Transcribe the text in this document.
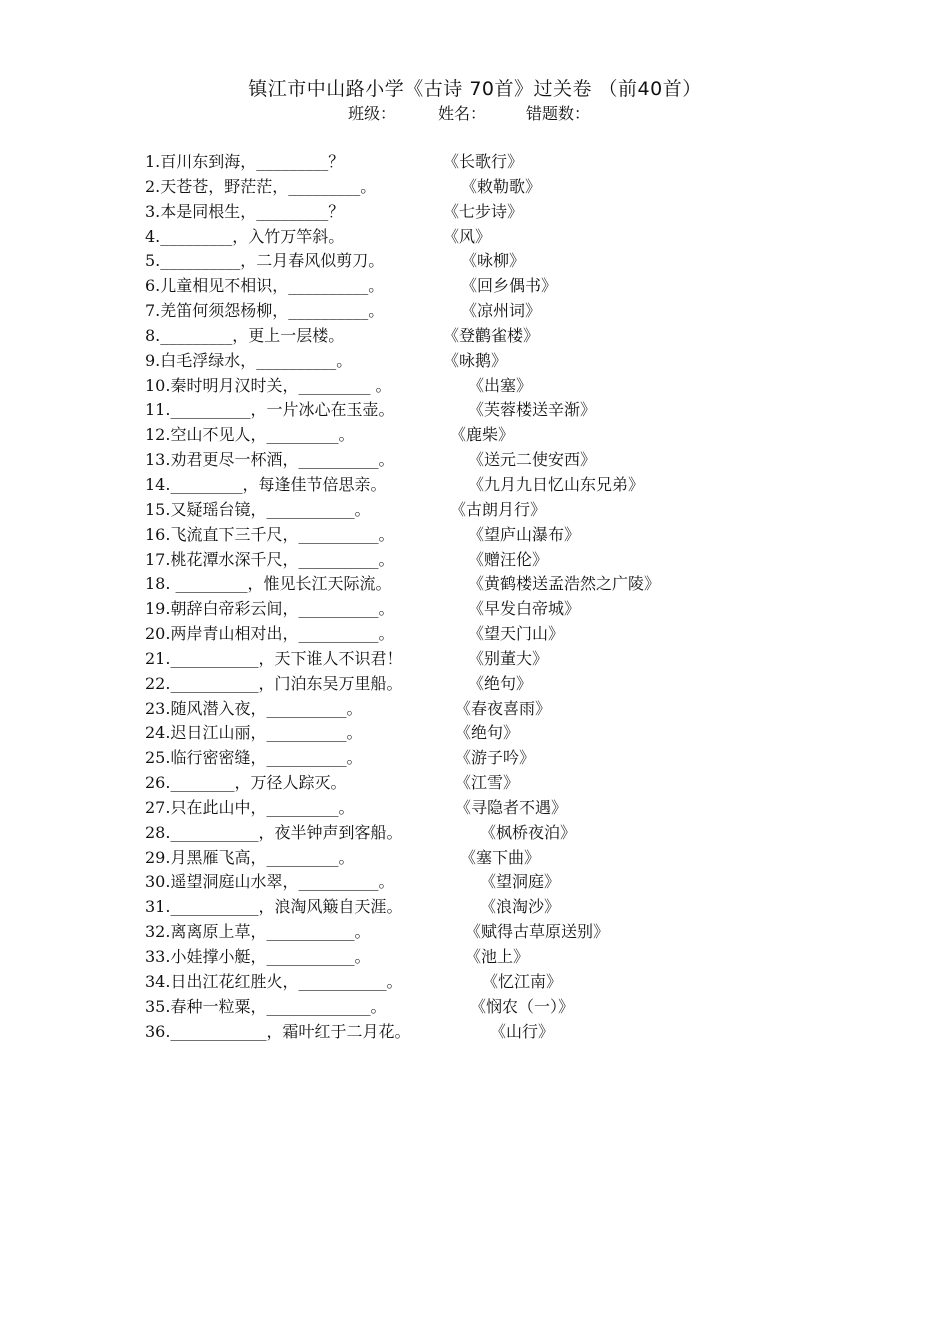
镇江市中山路小学《古诗 70首》过关卷 （前40首）
班级：	姓名：	错题数：
1.百川东到海，_________？	《长歌行》
2.天苍苍，野茫茫，_________。	《敕勒歌》
3.本是同根生，_________？	《七步诗》
4._________，入竹万竿斜。	《风》
5.__________，二月春风似剪刀。	《咏柳》
6.儿童相见不相识，__________。	《回乡偶书》
7.羌笛何须怨杨柳，__________。	《凉州词》
8._________，更上一层楼。	《登鹳雀楼》
9.白毛浮绿水，__________。	《咏鹅》
10.秦时明月汉时关，_________ 。	《出塞》
11.__________，一片冰心在玉壶。	《芙蓉楼送辛渐》
12.空山不见人，_________。	《鹿柴》
13.劝君更尽一杯酒，__________。	《送元二使安西》
14._________，每逢佳节倍思亲。	《九月九日忆山东兄弟》
15.又疑瑶台镜，___________。	《古朗月行》
16.飞流直下三千尺，__________。	《望庐山瀑布》
17.桃花潭水深千尺，__________。	《赠汪伦》
18. _________，惟见长江天际流。	《黄鹤楼送孟浩然之广陵》
19.朝辞白帝彩云间，__________。	《早发白帝城》
20.两岸青山相对出，__________。	《望天门山》
21.___________，天下谁人不识君！	《别董大》
22.___________，门泊东吴万里船。	《绝句》
23.随风潜入夜，__________。	《春夜喜雨》
24.迟日江山丽，__________。	《绝句》
25.临行密密缝，__________。	《游子吟》
26.________，万径人踪灭。	《江雪》
27.只在此山中，_________。	《寻隐者不遇》
28.___________，夜半钟声到客船。	《枫桥夜泊》
29.月黑雁飞高，_________。	《塞下曲》
30.遥望洞庭山水翠，__________。	《望洞庭》
31.___________，浪淘风簸自天涯。	《浪淘沙》
32.离离原上草，___________。	《赋得古草原送别》
33.小娃撑小艇，___________。	《池上》
34.日出江花红胜火，___________。	《忆江南》
35.春种一粒粟，_____________。	《悯农（一）》
36.____________，霜叶红于二月花。	《山行》
